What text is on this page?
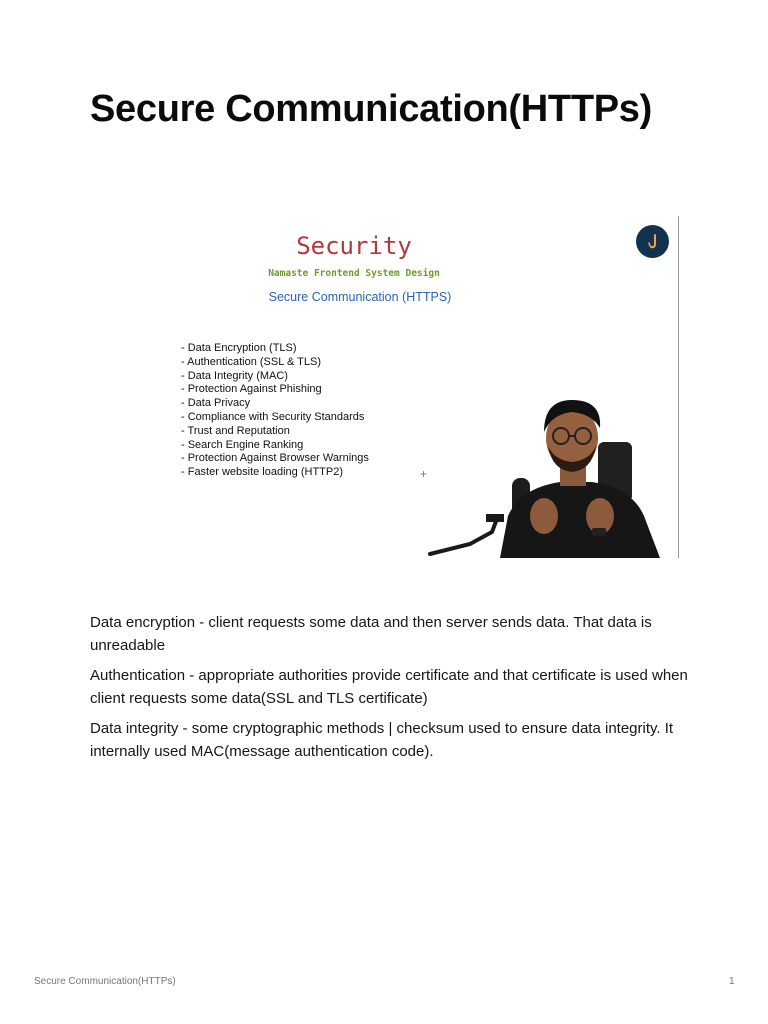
Secure Communication(HTTPs)
Security
Namaste Frontend System Design
Secure Communication (HTTPS)
- Data Encryption (TLS)
- Authentication (SSL & TLS)
- Data Integrity (MAC)
- Protection Against Phishing
- Data Privacy
- Compliance with Security Standards
- Trust and Reputation
- Search Engine Ranking
- Protection Against Browser Warnings
- Faster website loading (HTTP2)	+

Data encryption - client requests some data and then server sends data. That data is unreadable

Authentication - appropriate authorities provide certificate and that certificate is used when client requests some data(SSL and TLS certificate)

Data integrity - some cryptographic methods | checksum used to ensure data integrity. It internally used MAC(message authentication code).

Secure Communication(HTTPs)	1
